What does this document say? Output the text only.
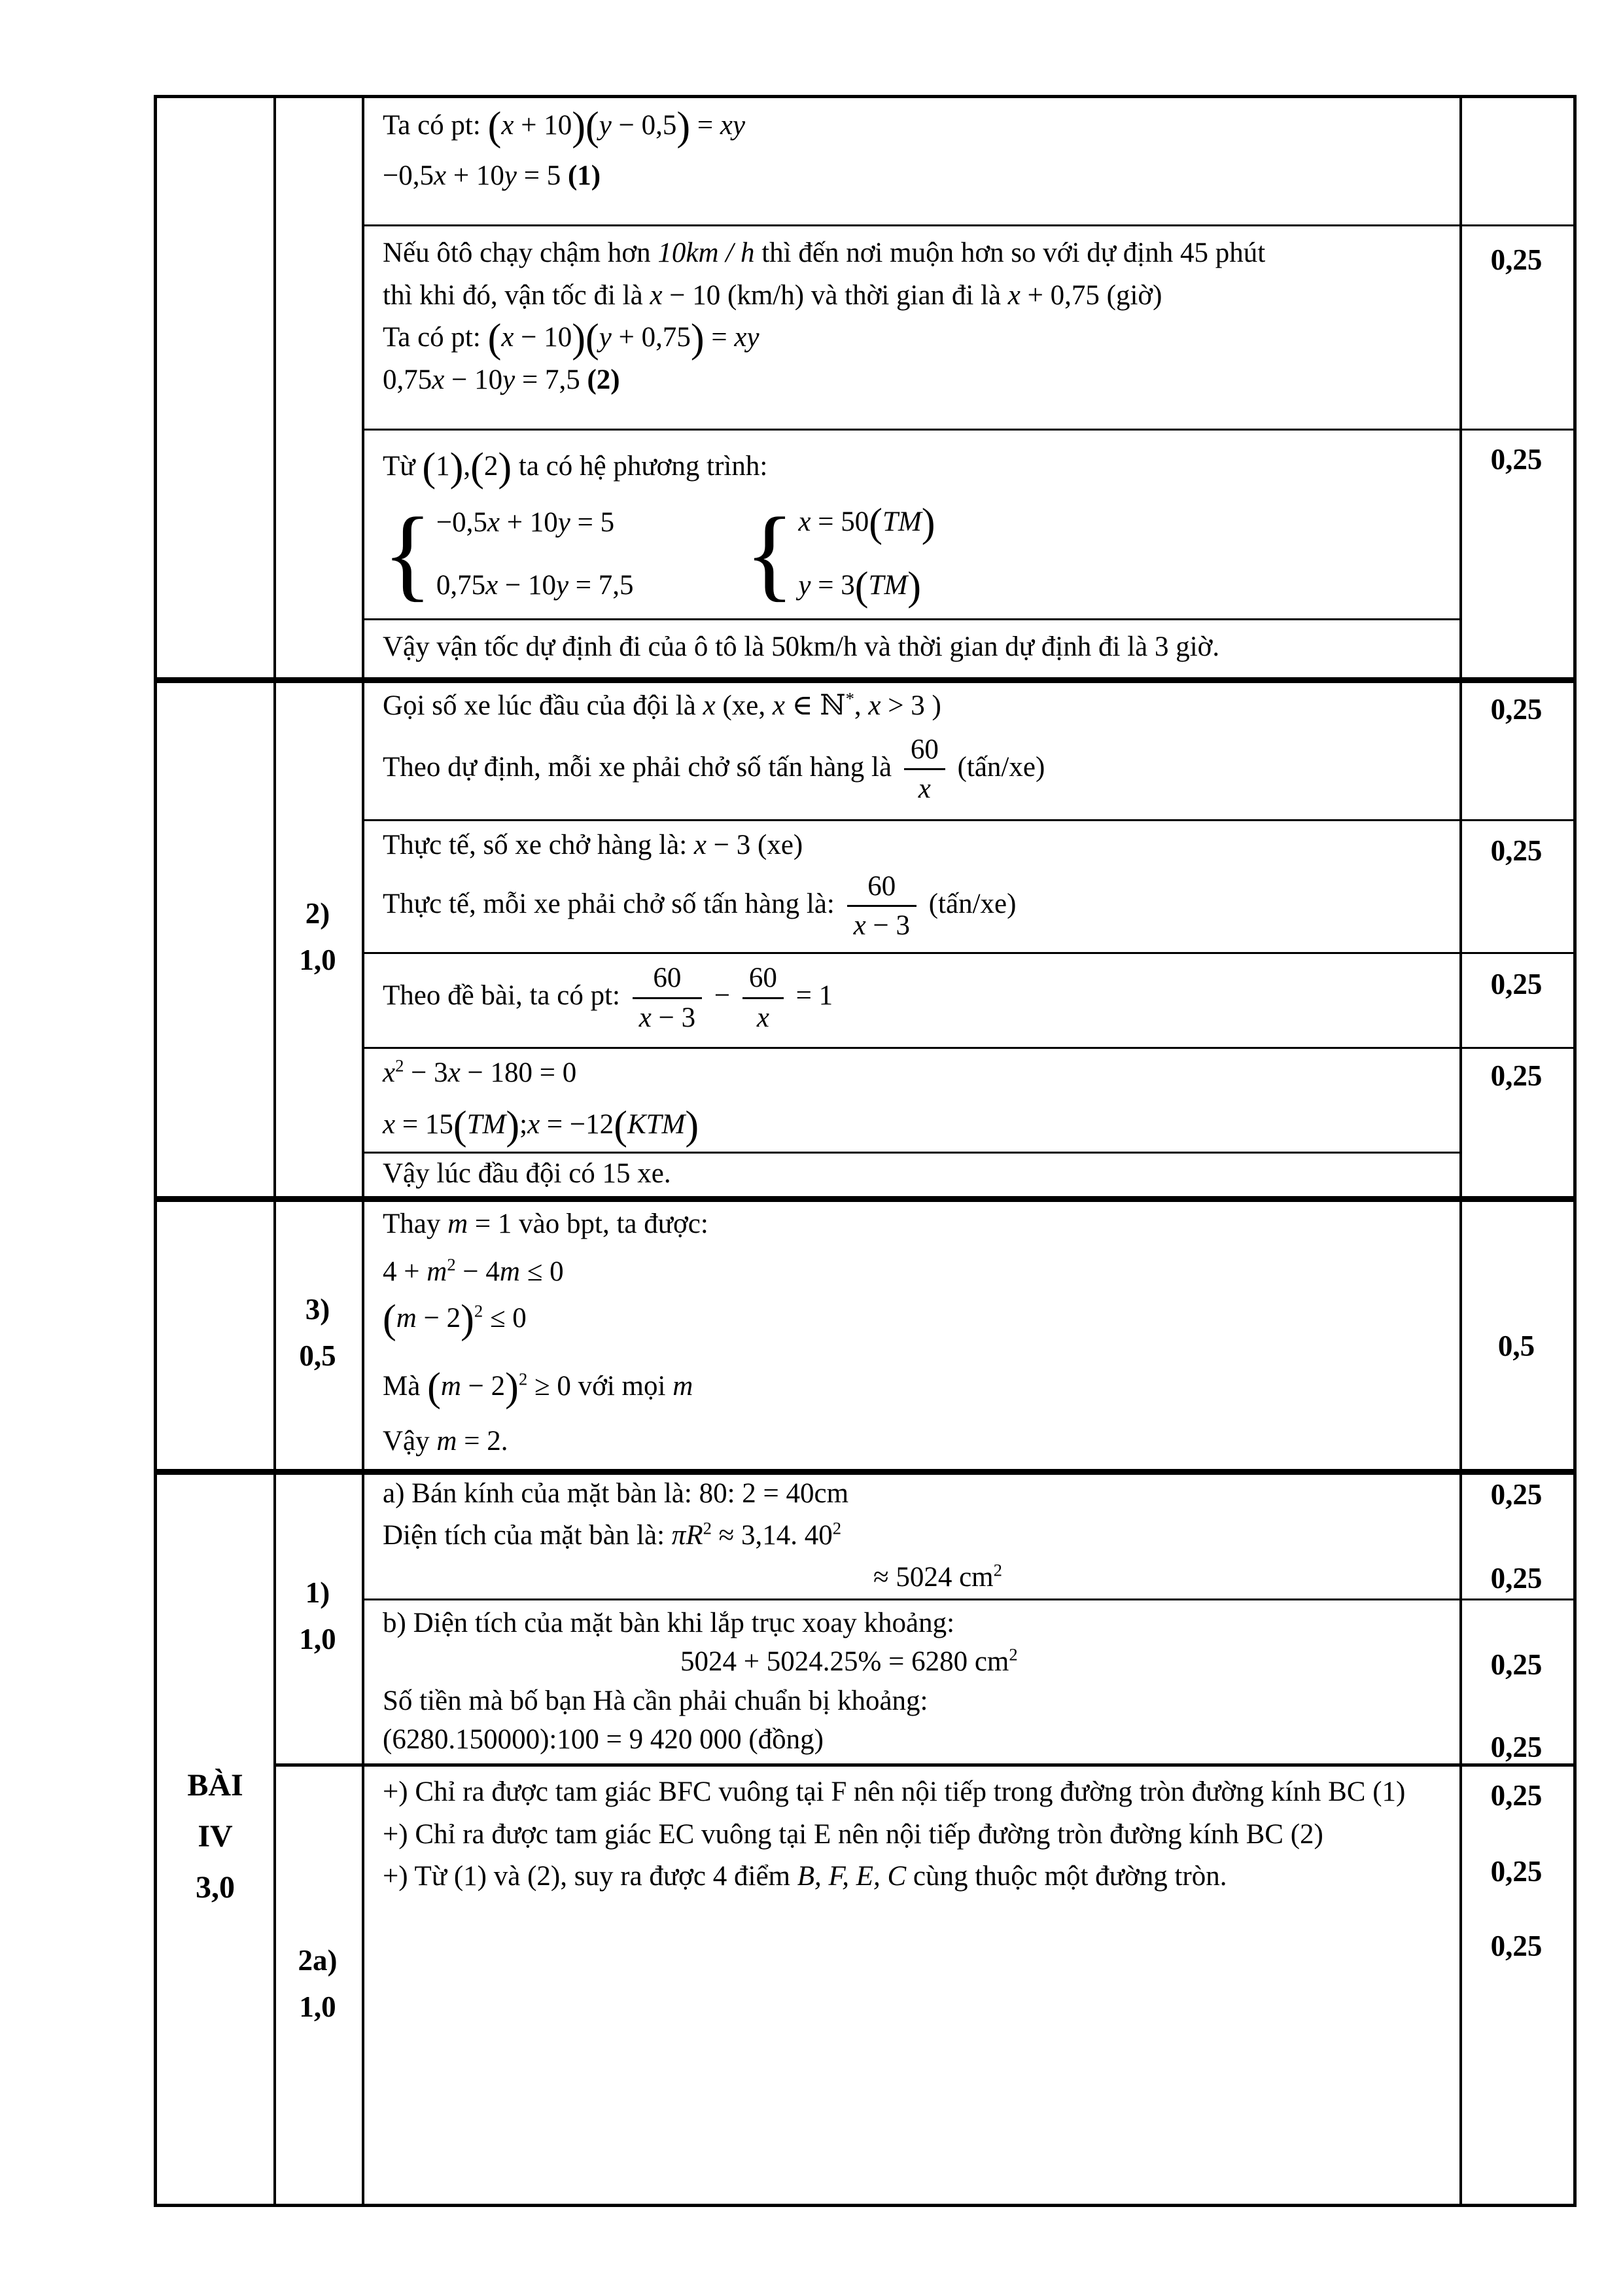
BÀI
IV
3,0
2)
1,0
3)
0,5
1)
1,0
2a)
1,0
Ta có pt: (x + 10)(y − 0,5) = xy
−0,5x + 10y = 5 (1)
Nếu ôtô chạy chậm hơn 10km / h thì đến nơi muộn hơn so với dự định 45 phút
thì khi đó, vận tốc đi là x − 10 (km/h) và thời gian đi là x + 0,75 (giờ)
Ta có pt: (x − 10)(y + 0,75) = xy
0,75x − 10y = 7,5 (2)
Từ (1),(2) ta có hệ phương trình:
{ −0,5x + 10y = 5
0,75x − 10y = 7,5 { x = 50(TM)
y = 3(TM)
Vậy vận tốc dự định đi của ô tô là 50km/h và thời gian dự định đi là 3 giờ.
Gọi số xe lúc đầu của đội là x (xe, x ∈ ℕ*, x > 3 )
Theo dự định, mỗi xe phải chở số tấn hàng là $\frac{60}{x}$ (tấn/xe)
Thực tế, số xe chở hàng là: x − 3 (xe)
Thực tế, mỗi xe phải chở số tấn hàng là: $\frac{60}{x - 3}$ (tấn/xe)
Theo đề bài, ta có pt: $\frac{60}{x - 3} - \frac{60}{x} = 1$
$x^2 - 3x - 180 = 0$
x = 15(TM);x = −12(KTM)
Vậy lúc đầu đội có 15 xe.
Thay m = 1 vào bpt, ta được:
$4 + m^2 - 4m \le 0$
$(m - 2)^2 \le 0$
Mà $(m - 2)^2 \ge 0$ với mọi m
Vậy m = 2.
a) Bán kính của mặt bàn là: 80: 2 = 40cm
Diện tích của mặt bàn là: $\pi R^2 \approx 3,14$. $40^2$
≈ 5024 $cm^2$
b) Diện tích của mặt bàn khi lắp trục xoay khoảng:
5024 + 5024.25% = 6280 $cm^2$
Số tiền mà bố bạn Hà cần phải chuẩn bị khoảng:
(6280.150000):100 = 9 420 000 (đồng)
+) Chỉ ra được tam giác BFC vuông tại F nên nội tiếp trong đường tròn đường kính BC (1)
+) Chỉ ra được tam giác EC vuông tại E nên nội tiếp đường tròn đường kính BC (2)
+) Từ (1) và (2), suy ra được 4 điểm B, F, E, C cùng thuộc một đường tròn.
0,25
0,25
0,25
0,25
0,25
0,25
0,5
0,25
0,25
0,25
0,25
0,25
0,25
0,25
